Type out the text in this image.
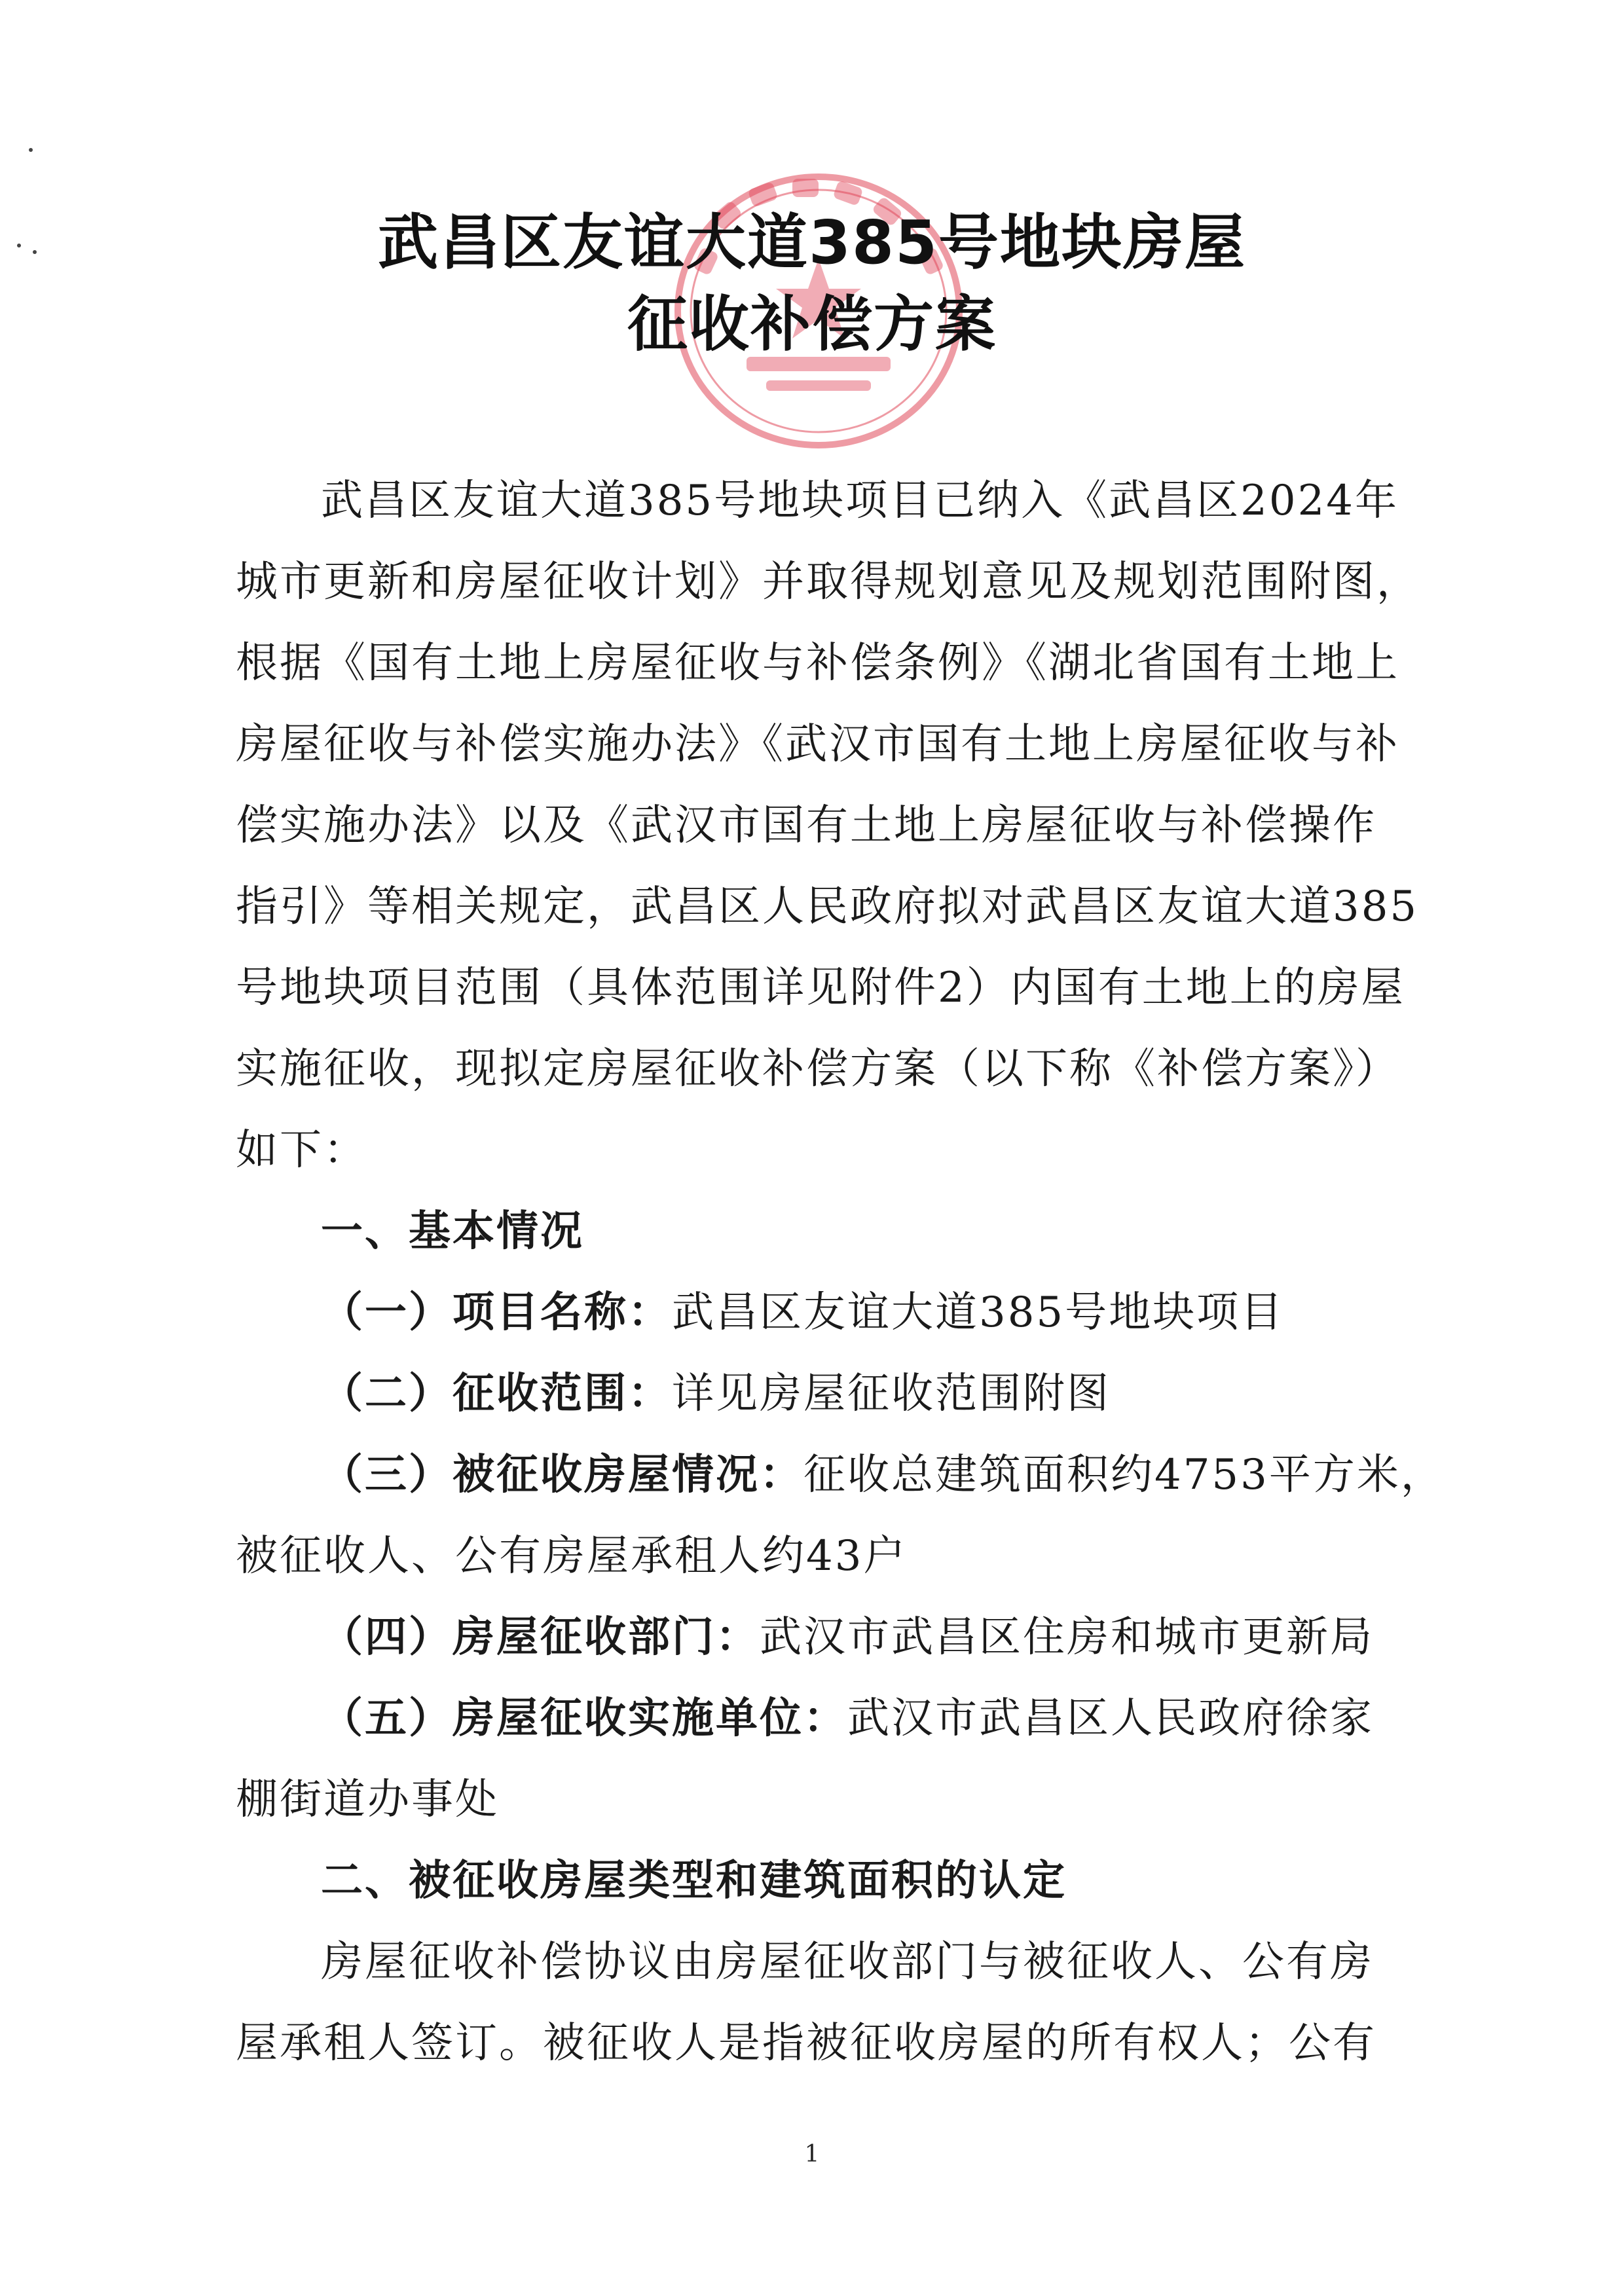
武昌区友谊大道385号地块房屋
征收补偿方案
武昌区友谊大道385号地块项目已纳入《武昌区2024年
城市更新和房屋征收计划》并取得规划意见及规划范围附图，
根据《国有土地上房屋征收与补偿条例》《湖北省国有土地上
房屋征收与补偿实施办法》《武汉市国有土地上房屋征收与补
偿实施办法》以及《武汉市国有土地上房屋征收与补偿操作
指引》等相关规定，武昌区人民政府拟对武昌区友谊大道385
号地块项目范围（具体范围详见附件2）内国有土地上的房屋
实施征收，现拟定房屋征收补偿方案（以下称《补偿方案》）
如下：
一、基本情况
（一）项目名称：武昌区友谊大道385号地块项目
（二）征收范围：详见房屋征收范围附图
（三）被征收房屋情况：征收总建筑面积约4753平方米，
被征收人、公有房屋承租人约43户
（四）房屋征收部门：武汉市武昌区住房和城市更新局
（五）房屋征收实施单位：武汉市武昌区人民政府徐家
棚街道办事处
二、被征收房屋类型和建筑面积的认定
房屋征收补偿协议由房屋征收部门与被征收人、公有房
屋承租人签订。被征收人是指被征收房屋的所有权人；公有
1
